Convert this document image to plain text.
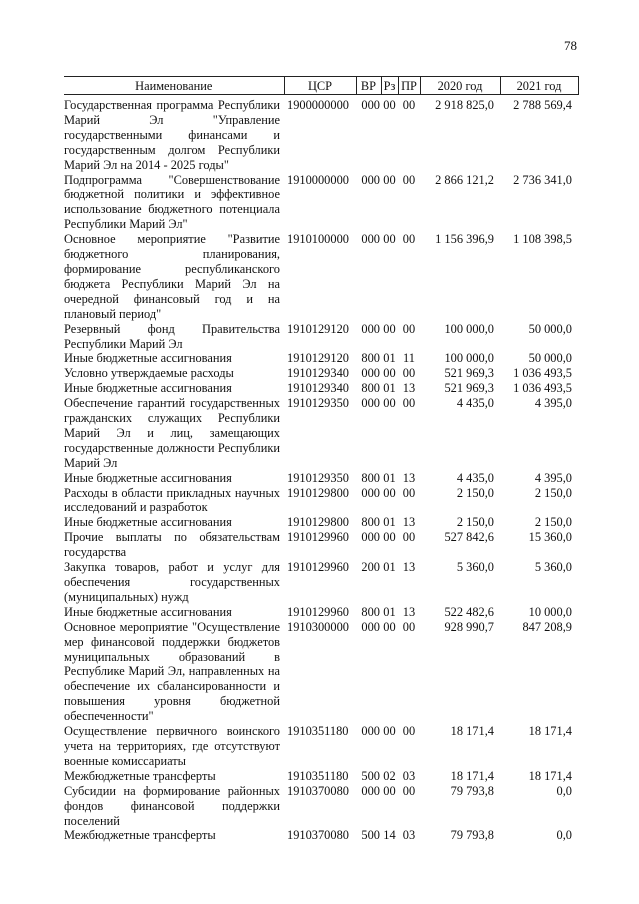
78
Наименование	ЦСР	ВР	Рз	ПР	2020 год	2021 год

Государственная программа Республики Марий Эл "Управление государственными финансами и государственным долгом Республики Марий Эл на 2014 - 2025 годы"	1900000000	000	00	00	2 918 825,0	2 788 569,4
Подпрограмма "Совершенствование бюджетной политики и эффективное использование бюджетного потенциала Республики Марий Эл"	1910000000	000	00	00	2 866 121,2	2 736 341,0
Основное мероприятие "Развитие бюджетного планирования, формирование республиканского бюджета Республики Марий Эл на очередной финансовый год и на плановый период"	1910100000	000	00	00	1 156 396,9	1 108 398,5
Резервный фонд Правительства Республики Марий Эл	1910129120	000	00	00	100 000,0	50 000,0
Иные бюджетные ассигнования	1910129120	800	01	11	100 000,0	50 000,0
Условно утверждаемые расходы	1910129340	000	00	00	521 969,3	1 036 493,5
Иные бюджетные ассигнования	1910129340	800	01	13	521 969,3	1 036 493,5
Обеспечение гарантий государственных гражданских служащих Республики Марий Эл и лиц, замещающих государственные должности Республики Марий Эл	1910129350	000	00	00	4 435,0	4 395,0
Иные бюджетные ассигнования	1910129350	800	01	13	4 435,0	4 395,0
Расходы в области прикладных научных исследований и разработок	1910129800	000	00	00	2 150,0	2 150,0
Иные бюджетные ассигнования	1910129800	800	01	13	2 150,0	2 150,0
Прочие выплаты по обязательствам государства	1910129960	000	00	00	527 842,6	15 360,0
Закупка товаров, работ и услуг для обеспечения государственных (муниципальных) нужд	1910129960	200	01	13	5 360,0	5 360,0
Иные бюджетные ассигнования	1910129960	800	01	13	522 482,6	10 000,0
Основное мероприятие "Осуществление мер финансовой поддержки бюджетов муниципальных образований в Республике Марий Эл, направленных на обеспечение их сбалансированности и повышения уровня бюджетной обеспеченности"	1910300000	000	00	00	928 990,7	847 208,9
Осуществление первичного воинского учета на территориях, где отсутствуют военные комиссариаты	1910351180	000	00	00	18 171,4	18 171,4
Межбюджетные трансферты	1910351180	500	02	03	18 171,4	18 171,4
Субсидии на формирование районных фондов финансовой поддержки поселений	1910370080	000	00	00	79 793,8	0,0
Межбюджетные трансферты	1910370080	500	14	03	79 793,8	0,0
